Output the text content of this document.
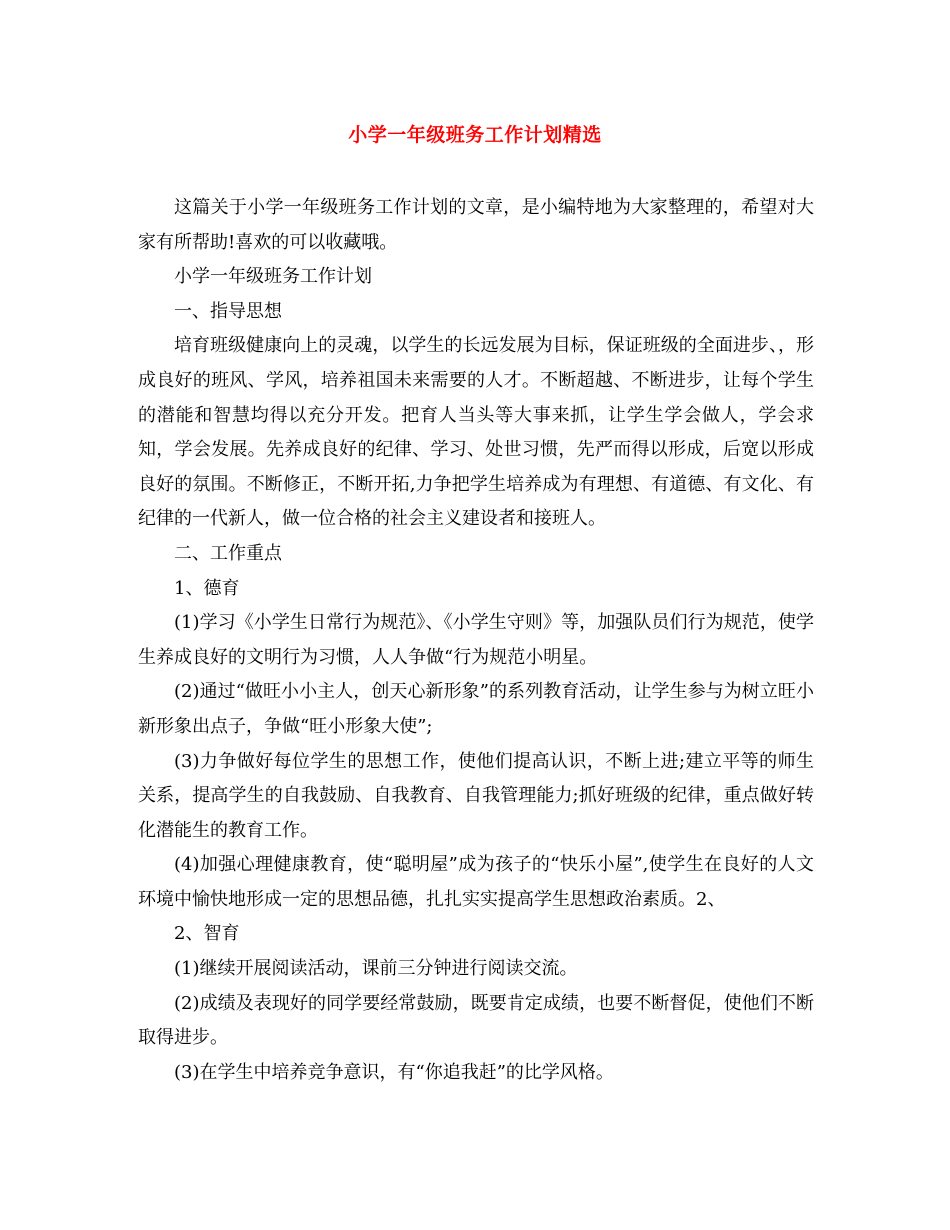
小学一年级班务工作计划精选

这篇关于小学一年级班务工作计划的文章，是小编特地为大家整理的，希望对大家有所帮助!喜欢的可以收藏哦。

小学一年级班务工作计划

一、指导思想

培育班级健康向上的灵魂，以学生的长远发展为目标，保证班级的全面进步、，形成良好的班风、学风，培养祖国未来需要的人才。不断超越、不断进步，让每个学生的潜能和智慧均得以充分开发。把育人当头等大事来抓，让学生学会做人，学会求知，学会发展。先养成良好的纪律、学习、处世习惯，先严而得以形成，后宽以形成良好的氛围。不断修正，不断开拓,力争把学生培养成为有理想、有道德、有文化、有纪律的一代新人，做一位合格的社会主义建设者和接班人。

二、工作重点

1、德育

(1)学习《小学生日常行为规范》、《小学生守则》等，加强队员们行为规范，使学生养成良好的文明行为习惯，人人争做“行为规范小明星。

(2)通过“做旺小小主人，创天心新形象”的系列教育活动，让学生参与为树立旺小新形象出点子，争做“旺小形象大使”;

(3)力争做好每位学生的思想工作，使他们提高认识，不断上进;建立平等的师生关系，提高学生的自我鼓励、自我教育、自我管理能力;抓好班级的纪律，重点做好转化潜能生的教育工作。

(4)加强心理健康教育，使“聪明屋”成为孩子的“快乐小屋”,使学生在良好的人文环境中愉快地形成一定的思想品德，扎扎实实提高学生思想政治素质。2、

2、智育

(1)继续开展阅读活动，课前三分钟进行阅读交流。

(2)成绩及表现好的同学要经常鼓励，既要肯定成绩，也要不断督促，使他们不断取得进步。

(3)在学生中培养竞争意识，有“你追我赶”的比学风格。
